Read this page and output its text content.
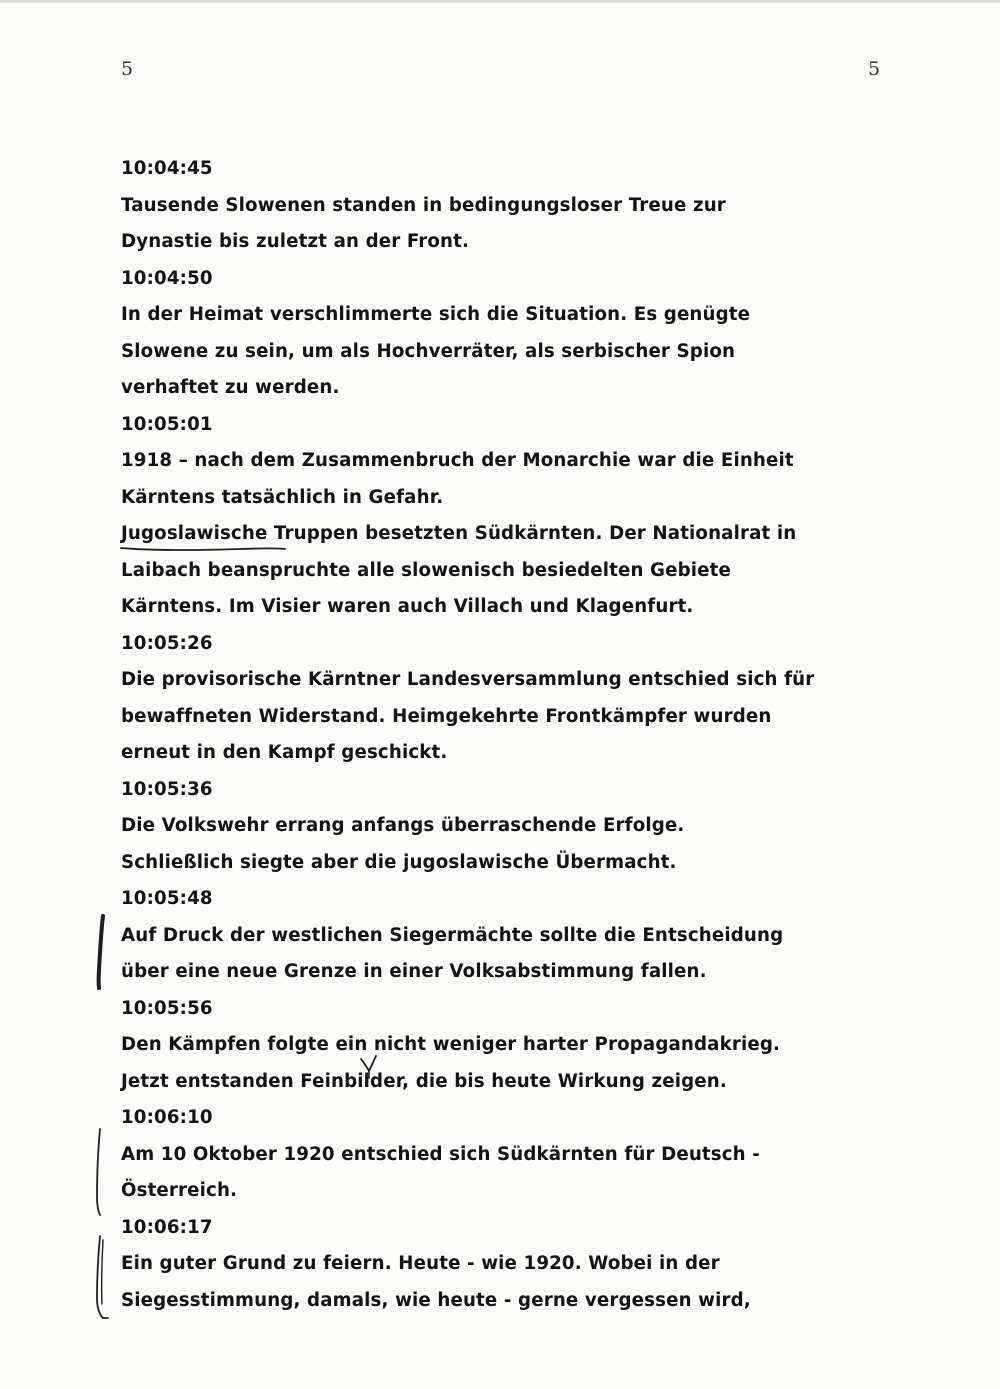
5	5
10:04:45
Tausende Slowenen standen in bedingungsloser Treue zur
Dynastie bis zuletzt an der Front.
10:04:50
In der Heimat verschlimmerte sich die Situation. Es genügte
Slowene zu sein, um als Hochverräter, als serbischer Spion
verhaftet zu werden.
10:05:01
1918 – nach dem Zusammenbruch der Monarchie war die Einheit
Kärntens tatsächlich in Gefahr.
Jugoslawische Truppen besetzten Südkärnten. Der Nationalrat in
Laibach beanspruchte alle slowenisch besiedelten Gebiete
Kärntens. Im Visier waren auch Villach und Klagenfurt.
10:05:26
Die provisorische Kärntner Landesversammlung entschied sich für
bewaffneten Widerstand. Heimgekehrte Frontkämpfer wurden
erneut in den Kampf geschickt.
10:05:36
Die Volkswehr errang anfangs überraschende Erfolge.
Schließlich siegte aber die jugoslawische Übermacht.
10:05:48
Auf Druck der westlichen Siegermächte sollte die Entscheidung
über eine neue Grenze in einer Volksabstimmung fallen.
10:05:56
Den Kämpfen folgte ein nicht weniger harter Propagandakrieg.
Jetzt entstanden Feinbilder, die bis heute Wirkung zeigen.
10:06:10
Am 10 Oktober 1920 entschied sich Südkärnten für Deutsch -
Österreich.
10:06:17
Ein guter Grund zu feiern. Heute - wie 1920. Wobei in der
Siegesstimmung, damals, wie heute - gerne vergessen wird,
